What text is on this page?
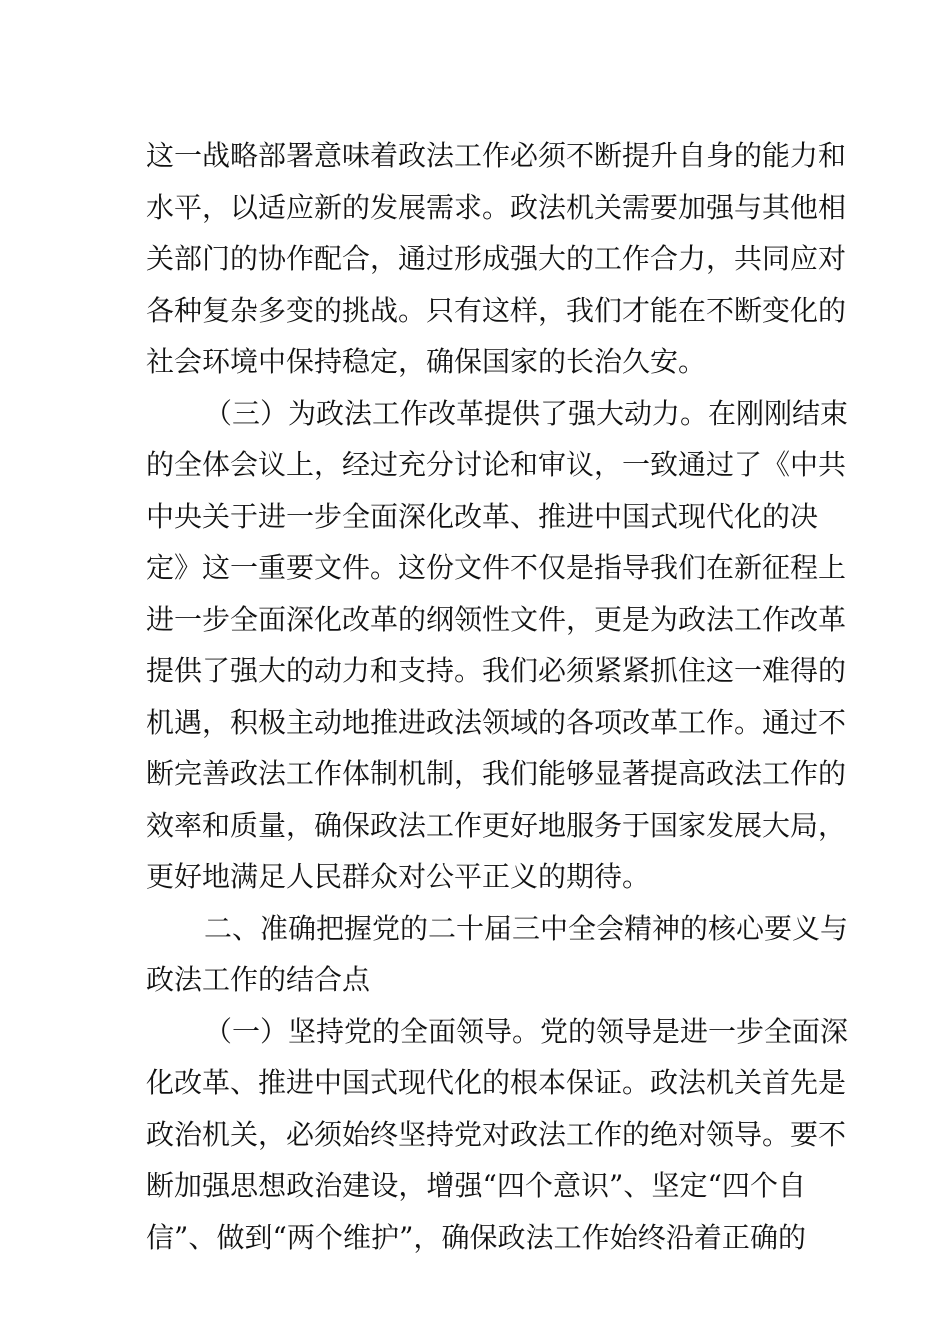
这一战略部署意味着政法工作必须不断提升自身的能力和
水平，以适应新的发展需求。政法机关需要加强与其他相
关部门的协作配合，通过形成强大的工作合力，共同应对
各种复杂多变的挑战。只有这样，我们才能在不断变化的
社会环境中保持稳定，确保国家的长治久安。
（三）为政法工作改革提供了强大动力。在刚刚结束
的全体会议上，经过充分讨论和审议，一致通过了《中共
中央关于进一步全面深化改革、推进中国式现代化的决
定》这一重要文件。这份文件不仅是指导我们在新征程上
进一步全面深化改革的纲领性文件，更是为政法工作改革
提供了强大的动力和支持。我们必须紧紧抓住这一难得的
机遇，积极主动地推进政法领域的各项改革工作。通过不
断完善政法工作体制机制，我们能够显著提高政法工作的
效率和质量，确保政法工作更好地服务于国家发展大局，
更好地满足人民群众对公平正义的期待。
二、准确把握党的二十届三中全会精神的核心要义与
政法工作的结合点
（一）坚持党的全面领导。党的领导是进一步全面深
化改革、推进中国式现代化的根本保证。政法机关首先是
政治机关，必须始终坚持党对政法工作的绝对领导。要不
断加强思想政治建设，增强“四个意识”、坚定“四个自
信”、做到“两个维护”，确保政法工作始终沿着正确的
